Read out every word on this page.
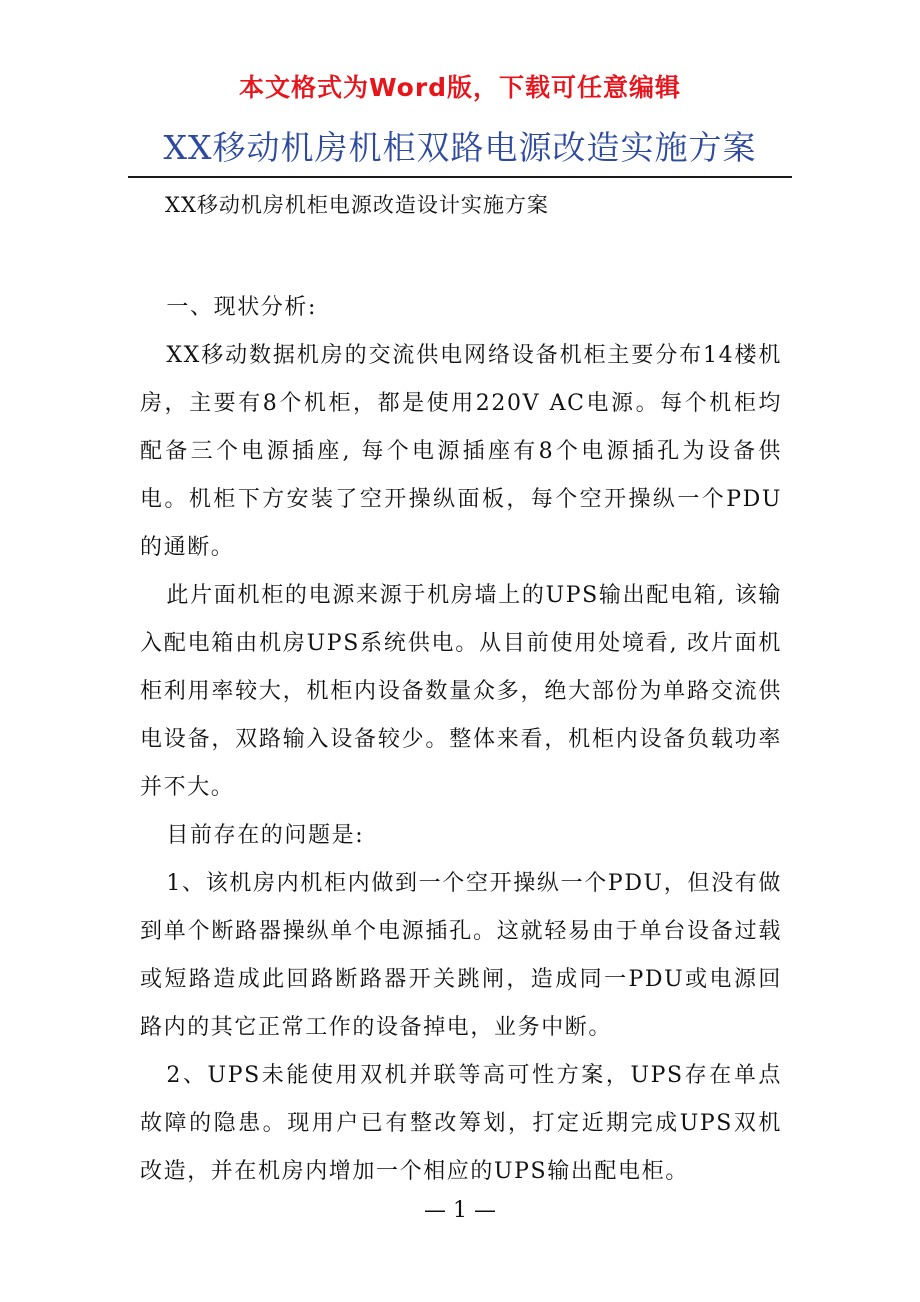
本文格式为Word版，下载可任意编辑
XX移动机房机柜双路电源改造实施方案
XX移动机房机柜电源改造设计实施方案

一、现状分析:

XX移动数据机房的交流供电网络设备机柜主要分布14楼机房，主要有8个机柜，都是使用220V AC电源。每个机柜均配备三个电源插座, 每个电源插座有8个电源插孔为设备供电。机柜下方安装了空开操纵面板，每个空开操纵一个PDU的通断。

此片面机柜的电源来源于机房墙上的UPS输出配电箱, 该输入配电箱由机房UPS系统供电。从目前使用处境看, 改片面机柜利用率较大，机柜内设备数量众多，绝大部份为单路交流供电设备，双路输入设备较少。整体来看，机柜内设备负载功率并不大。

目前存在的问题是:

1、该机房内机柜内做到一个空开操纵一个PDU，但没有做到单个断路器操纵单个电源插孔。这就轻易由于单台设备过载或短路造成此回路断路器开关跳闸，造成同一PDU或电源回路内的其它正常工作的设备掉电，业务中断。

2、UPS未能使用双机并联等高可性方案，UPS存在单点故障的隐患。现用户已有整改筹划，打定近期完成UPS双机改造，并在机房内增加一个相应的UPS输出配电柜。

— 1 —
